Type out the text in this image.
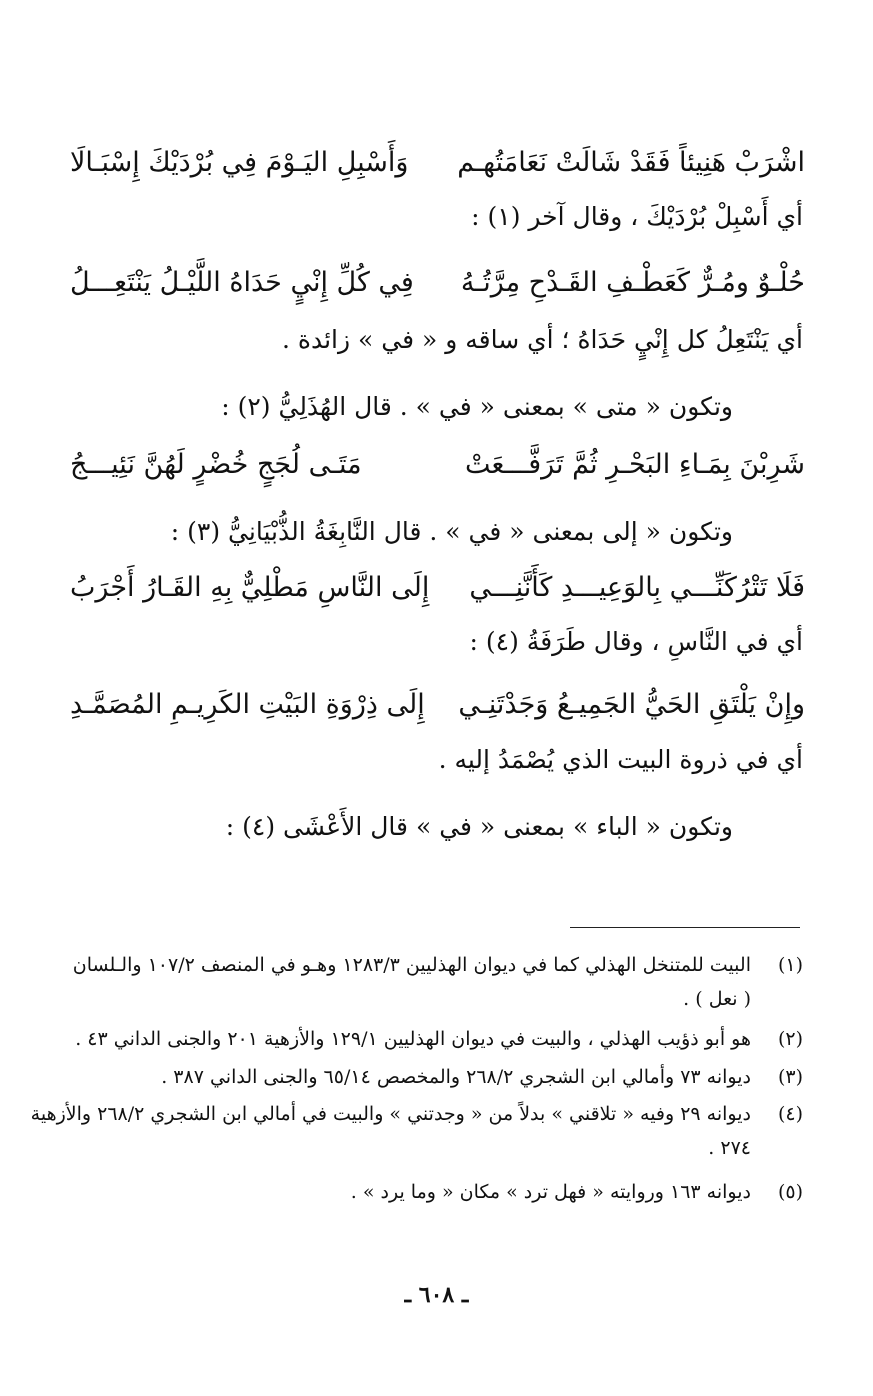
اشْرَبْ هَنِيئاً فَقَدْ شَالَتْ نَعَامَتُهـم
وَأَسْبِلِ اليَـوْمَ فِي بُرْدَيْكَ إِسْبَـالَا
أي أَسْبِلْ بُرْدَيْكَ ، وقال آخر (١) :
حُلْـوٌ ومُـرٌّ كَعَطْـفِ القَـدْحِ مِرَّتُـهُ
فِي كُلِّ إِنْيٍ حَدَاهُ اللَّيْـلُ يَنْتَعِـــلُ
أي يَنْتَعِلُ كل إِنْيٍ حَدَاهُ ؛ أي ساقه و « في » زائدة .
وتكون « متى » بمعنى « في » . قال الهُذَلِيُّ (٢) :
شَرِبْنَ بِمَـاءِ البَحْـرِ ثُمَّ تَرَفَّـــعَتْ
مَتَـى لُجَجٍ خُضْرٍ لَهُنَّ نَئِيـــجُ
وتكون « إلى بمعنى « في » . قال النَّابِغَةُ الذُّبْيَانِيُّ (٣) :
فَلَا تَتْرُكَنِّـــي بِالوَعِيـــدِ كَأَنَّنِـــي
إِلَى النَّاسِ مَطْلِيٌّ بِهِ القَـارُ أَجْرَبُ
أي في النَّاسِ ، وقال طَرَفَةُ (٤) :
وإِنْ يَلْتَقِ الحَيُّ الجَمِيـعُ وَجَدْتَنِـي
إِلَى ذِرْوَةِ البَيْتِ الكَرِيـمِ المُصَمَّـدِ
أي في ذروة البيت الذي يُصْمَدُ إليه .
وتكون « الباء » بمعنى « في » قال الأَعْشَى (٤) :
(١)
البيت للمتنخل الهذلي كما في ديوان الهذليين ١٢٨٣/٣ وهـو في المنصف ١٠٧/٢ والـلسان
( نعل ) .
(٢)
هو أبو ذؤيب الهذلي ، والبيت في ديوان الهذليين ١٢٩/١ والأزهية ٢٠١ والجنى الداني ٤٣ .
(٣)
ديوانه ٧٣ وأمالي ابن الشجري ٢٦٨/٢ والمخصص ٦٥/١٤ والجنى الداني ٣٨٧ .
(٤)
ديوانه ٢٩ وفيه « تلاقني » بدلاً من « وجدتني » والبيت في أمالي ابن الشجري ٢٦٨/٢ والأزهية
٢٧٤ .
(٥)
ديوانه ١٦٣ وروايته « فهل ترد » مكان « وما يرد » .
ـ ٦٠٨ ـ
